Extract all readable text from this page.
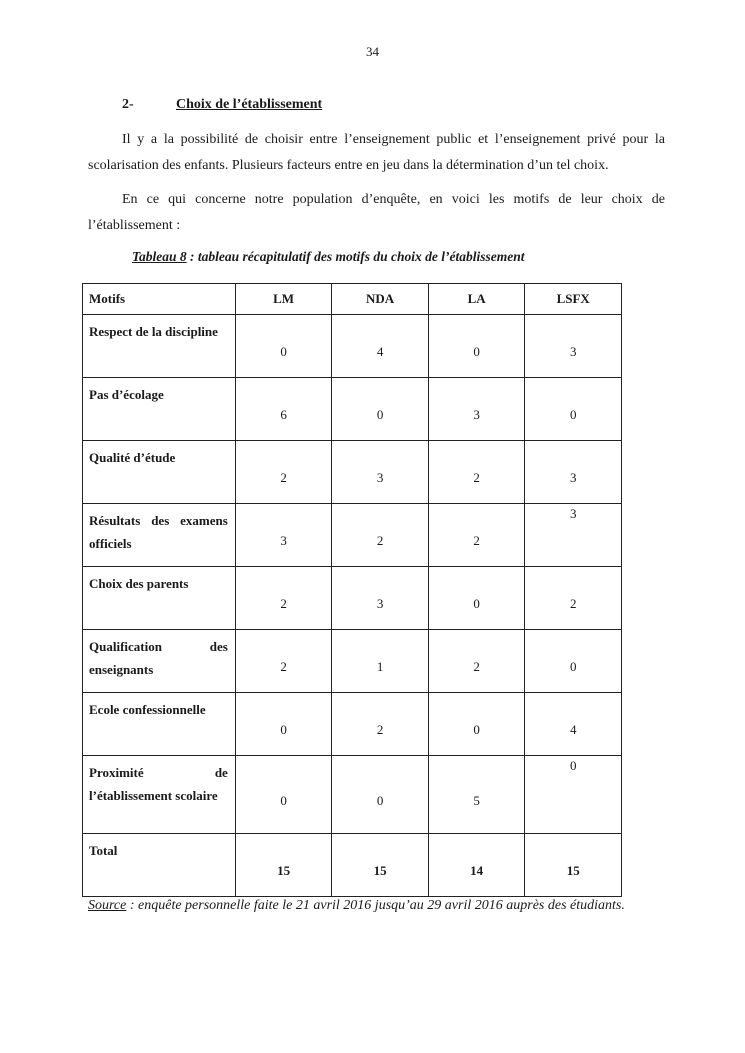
34
2-	Choix de l’établissement
Il y a la possibilité de choisir entre l’enseignement public et l’enseignement privé pour la scolarisation des enfants. Plusieurs facteurs entre en jeu dans la détermination d’un tel choix.
En ce qui concerne notre population d’enquête, en voici les motifs de leur choix de l’établissement :
Tableau 8 : tableau récapitulatif des motifs du choix de l’établissement
Motifs	LM	NDA	LA	LSFX
Respect de la discipline	0	4	0	3
Pas d’écolage	6	0	3	0
Qualité d’étude	2	3	2	3
Résultats des examens officiels	3	2	2	3
Choix des parents	2	3	0	2
Qualification des enseignants	2	1	2	0
Ecole confessionnelle	0	2	0	4
Proximité de l’établissement scolaire	0	0	5	0
Total	15	15	14	15
Source : enquête personnelle faite le 21 avril 2016 jusqu’au 29 avril 2016 auprès des étudiants.
